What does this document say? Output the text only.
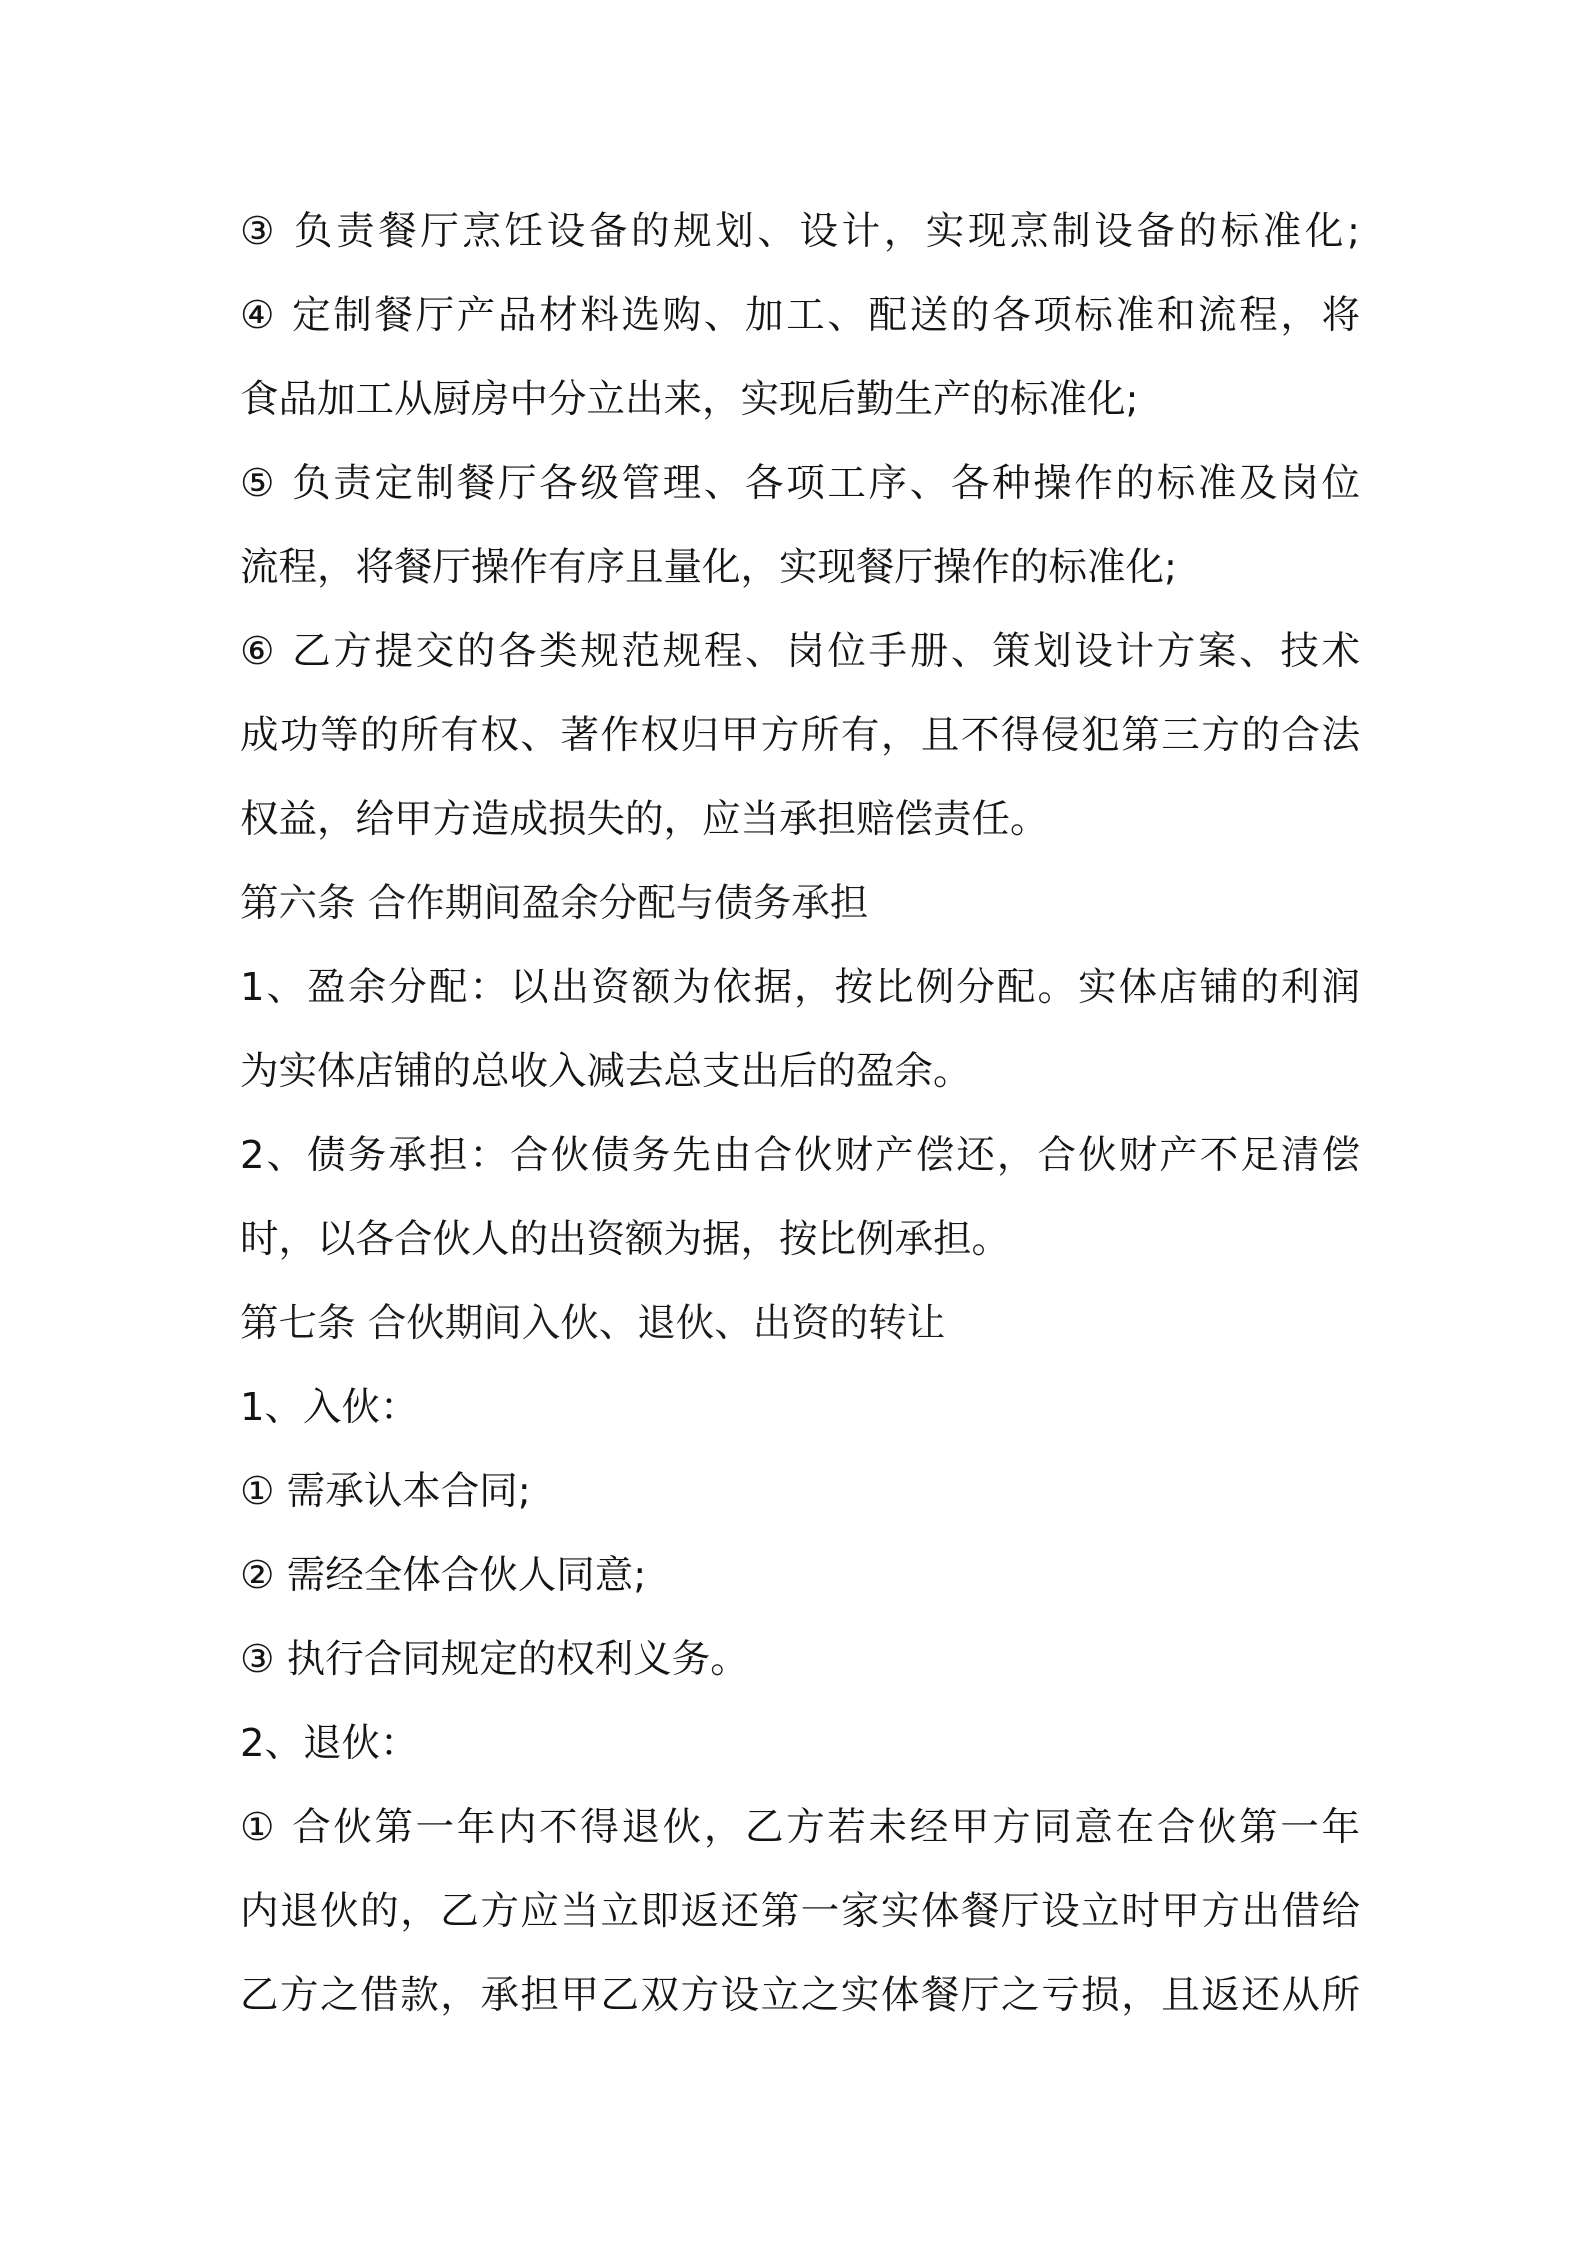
③ 负责餐厅烹饪设备的规划、设计，实现烹制设备的标准化;
④ 定制餐厅产品材料选购、加工、配送的各项标准和流程，将
食品加工从厨房中分立出来，实现后勤生产的标准化;
⑤ 负责定制餐厅各级管理、各项工序、各种操作的标准及岗位
流程，将餐厅操作有序且量化，实现餐厅操作的标准化;
⑥ 乙方提交的各类规范规程、岗位手册、策划设计方案、技术
成功等的所有权、著作权归甲方所有，且不得侵犯第三方的合法
权益，给甲方造成损失的，应当承担赔偿责任。
第六条 合作期间盈余分配与债务承担
1、盈余分配：以出资额为依据，按比例分配。实体店铺的利润
为实体店铺的总收入减去总支出后的盈余。
2、债务承担：合伙债务先由合伙财产偿还，合伙财产不足清偿
时，以各合伙人的出资额为据，按比例承担。
第七条 合伙期间入伙、退伙、出资的转让
1、入伙：
① 需承认本合同;
② 需经全体合伙人同意;
③ 执行合同规定的权利义务。
2、退伙：
① 合伙第一年内不得退伙，乙方若未经甲方同意在合伙第一年
内退伙的，乙方应当立即返还第一家实体餐厅设立时甲方出借给
乙方之借款，承担甲乙双方设立之实体餐厅之亏损，且返还从所
